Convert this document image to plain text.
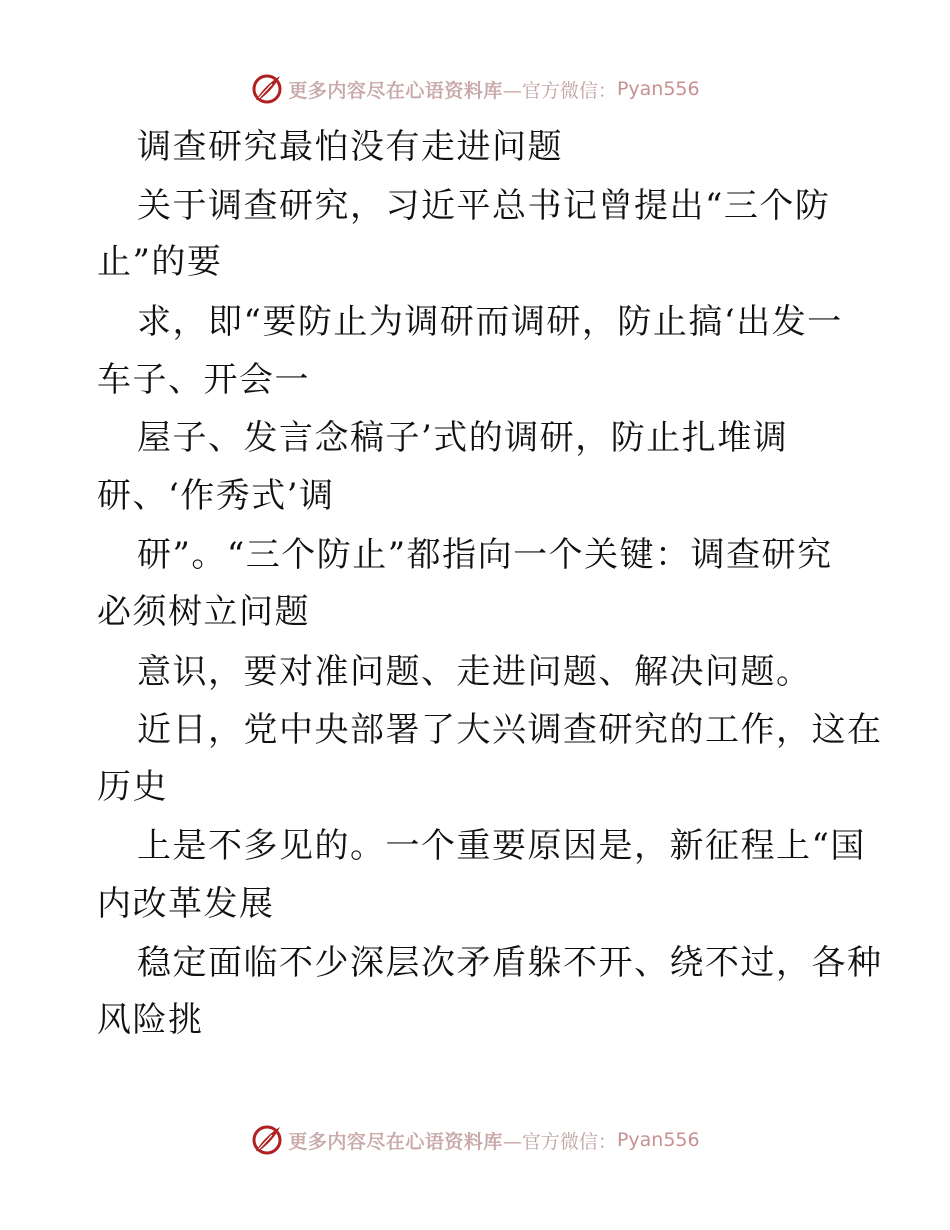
更多内容尽在心语资料库 —官方微信： Pyan556
调查研究最怕没有走进问题
关于调查研究，习近平总书记曾提出“三个防
止”的要
求，即“要防止为调研而调研，防止搞‘出发一
车子、开会一
屋子、发言念稿子’式的调研，防止扎堆调
研、‘作秀式’调
研”。“三个防止”都指向一个关键：调查研究
必须树立问题
意识，要对准问题、走进问题、解决问题。
近日，党中央部署了大兴调查研究的工作，这在
历史
上是不多见的。一个重要原因是，新征程上“国
内改革发展
稳定面临不少深层次矛盾躲不开、绕不过，各种
风险挑
更多内容尽在心语资料库 —官方微信： Pyan556
